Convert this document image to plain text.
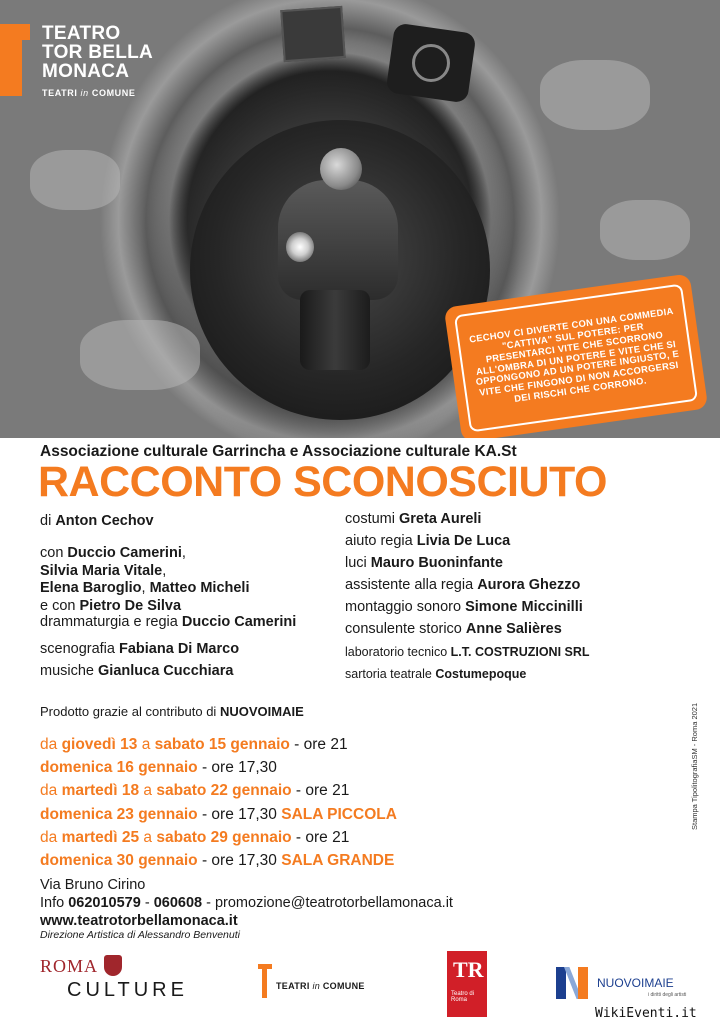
TEATRO
TOR BELLA
MONACA
TEATRI in COMUNE
CECHOV CI DIVERTE CON UNA COMMEDIA "CATTIVA" SUL POTERE: PER PRESENTARCI VITE CHE SCORRONO ALL'OMBRA DI UN POTERE E VITE CHE SI OPPONGONO AD UN POTERE INGIUSTO, E VITE CHE FINGONO DI NON ACCORGERSI DEI RISCHI CHE CORRONO.
Associazione culturale Garrincha e Associazione culturale KA.St
RACCONTO SCONOSCIUTO
di Anton Cechov
con Duccio Camerini,
Silvia Maria Vitale,
Elena Baroglio, Matteo Micheli
e con Pietro De Silva
drammaturgia e regia Duccio Camerini
scenografia Fabiana Di Marco
musiche Gianluca Cucchiara
costumi Greta Aureli
aiuto regia Livia De Luca
luci Mauro Buoninfante
assistente alla regia Aurora Ghezzo
montaggio sonoro Simone Miccinilli
consulente storico Anne Salières
laboratorio tecnico L.T. COSTRUZIONI SRL
sartoria teatrale Costumepoque
Prodotto grazie al contributo di NUOVOIMAIE
da giovedì 13 a sabato 15 gennaio - ore 21
domenica 16 gennaio - ore 17,30
da martedì 18 a sabato 22 gennaio - ore 21
domenica 23 gennaio - ore 17,30 SALA PICCOLA
da martedì 25 a sabato 29 gennaio - ore 21
domenica 30 gennaio - ore 17,30 SALA GRANDE
Via Bruno Cirino
Info 062010579 - 060608 - promozione@teatrotorbellamonaca.it
www.teatrotorbellamonaca.it
Direzione Artistica di Alessandro Benvenuti
Stampa TipolitografiaSM - Roma 2021
ROMA
CULTURE	TEATRI in COMUNE
TR
Teatro di Roma
NUOVOIMAIE
i diritti degli artisti
WikiEventi.it
